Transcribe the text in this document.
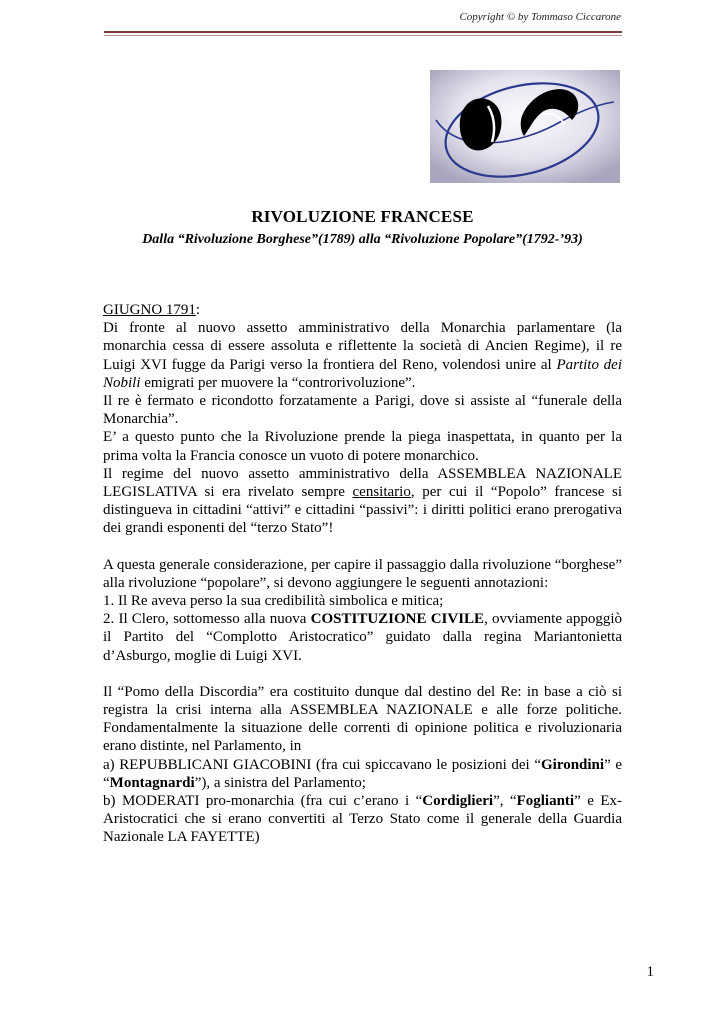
Copyright © by Tommaso Ciccarone
RIVOLUZIONE FRANCESE
Dalla “Rivoluzione Borghese”(1789) alla “Rivoluzione Popolare”(1792-’93)

GIUGNO 1791:

Di fronte al nuovo assetto amministrativo della Monarchia parlamentare (la monarchia cessa di essere assoluta e riflettente la società di Ancien Regime), il re Luigi XVI fugge da Parigi verso la frontiera del Reno, volendosi unire al Partito dei Nobili emigrati per muovere la “controrivoluzione”.

Il re è fermato e ricondotto forzatamente a Parigi, dove si assiste al “funerale della Monarchia”.

E’ a questo punto che la Rivoluzione prende la piega inaspettata, in quanto per la prima volta la Francia conosce un vuoto di potere monarchico.

Il regime del nuovo assetto amministrativo della ASSEMBLEA NAZIONALE LEGISLATIVA si era rivelato sempre censitario, per cui il “Popolo” francese si distingueva in cittadini “attivi” e cittadini “passivi”: i diritti politici erano prerogativa dei grandi esponenti del “terzo Stato”!

A questa generale considerazione, per capire il passaggio dalla rivoluzione “borghese” alla rivoluzione “popolare”, si devono aggiungere le seguenti annotazioni:

1. Il Re aveva perso la sua credibilità simbolica e mitica;

2. Il Clero, sottomesso alla nuova COSTITUZIONE CIVILE, ovviamente appoggiò il Partito del “Complotto Aristocratico” guidato dalla regina Mariantonietta d’Asburgo, moglie di Luigi XVI.

Il “Pomo della Discordia” era costituito dunque dal destino del Re: in base a ciò si registra la crisi interna alla ASSEMBLEA NAZIONALE e alle forze politiche. Fondamentalmente la situazione delle correnti di opinione politica e rivoluzionaria erano distinte, nel Parlamento, in

a) REPUBBLICANI GIACOBINI (fra cui spiccavano le posizioni dei “Girondini” e “Montagnardi”), a sinistra del Parlamento;

b) MODERATI pro-monarchia (fra cui c’erano i “Cordiglieri”, “Foglianti” e Ex-Aristocratici che si erano convertiti al Terzo Stato come il generale della Guardia Nazionale LA FAYETTE)

1
